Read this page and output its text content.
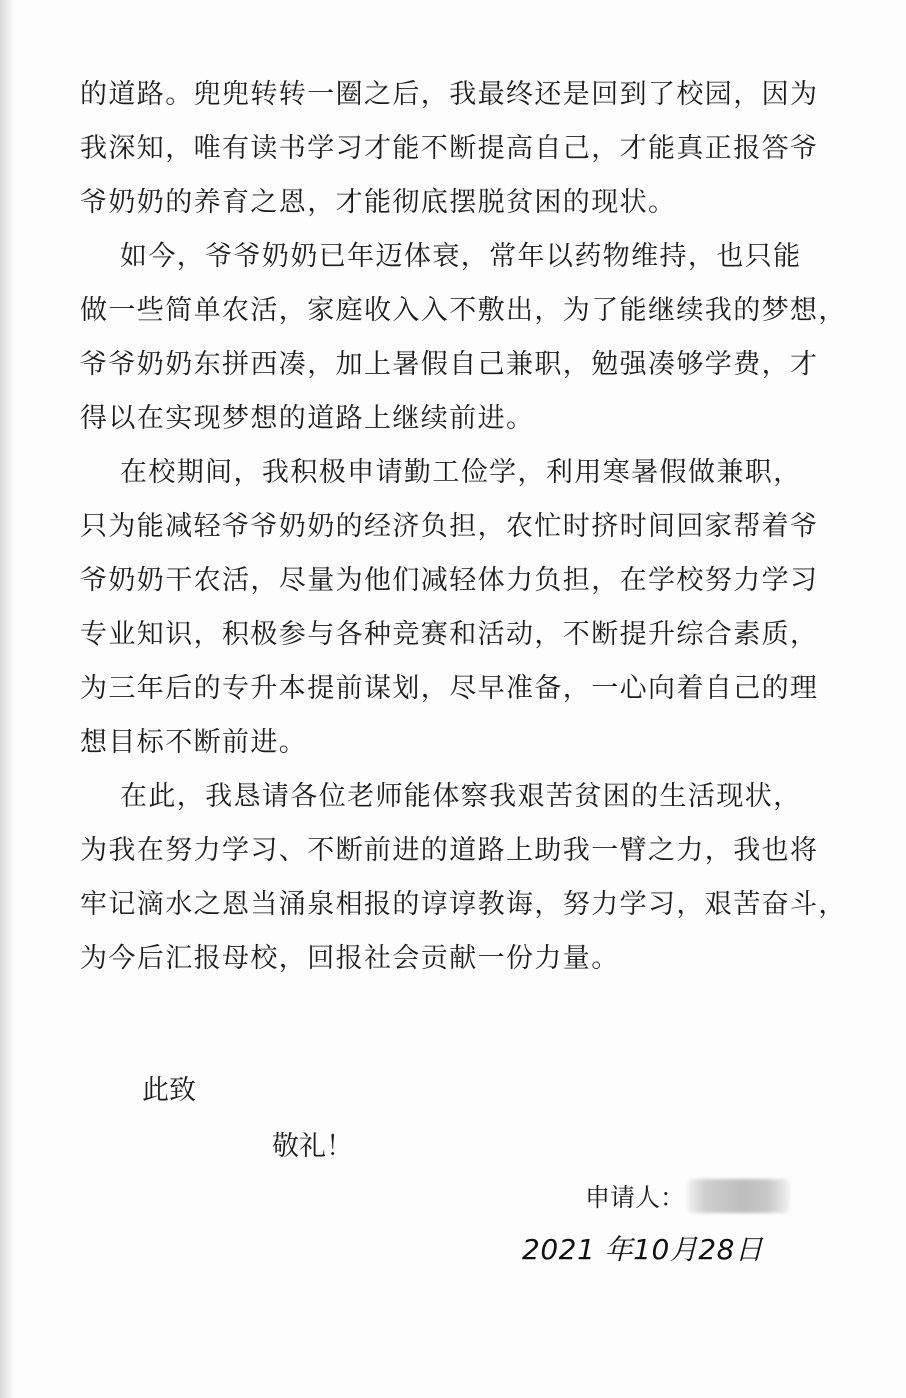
的道路。兜兜转转一圈之后，我最终还是回到了校园，因为
我深知，唯有读书学习才能不断提高自己，才能真正报答爷
爷奶奶的养育之恩，才能彻底摆脱贫困的现状。
如今，爷爷奶奶已年迈体衰，常年以药物维持，也只能
做一些简单农活，家庭收入入不敷出，为了能继续我的梦想，
爷爷奶奶东拼西凑，加上暑假自己兼职，勉强凑够学费，才
得以在实现梦想的道路上继续前进。
在校期间，我积极申请勤工俭学，利用寒暑假做兼职，
只为能减轻爷爷奶奶的经济负担，农忙时挤时间回家帮着爷
爷奶奶干农活，尽量为他们减轻体力负担，在学校努力学习
专业知识，积极参与各种竞赛和活动，不断提升综合素质，
为三年后的专升本提前谋划，尽早准备，一心向着自己的理
想目标不断前进。
在此，我恳请各位老师能体察我艰苦贫困的生活现状，
为我在努力学习、不断前进的道路上助我一臂之力，我也将
牢记滴水之恩当涌泉相报的谆谆教诲，努力学习，艰苦奋斗，
为今后汇报母校，回报社会贡献一份力量。
此致
敬礼！
申请人：
2021 年10月28日
